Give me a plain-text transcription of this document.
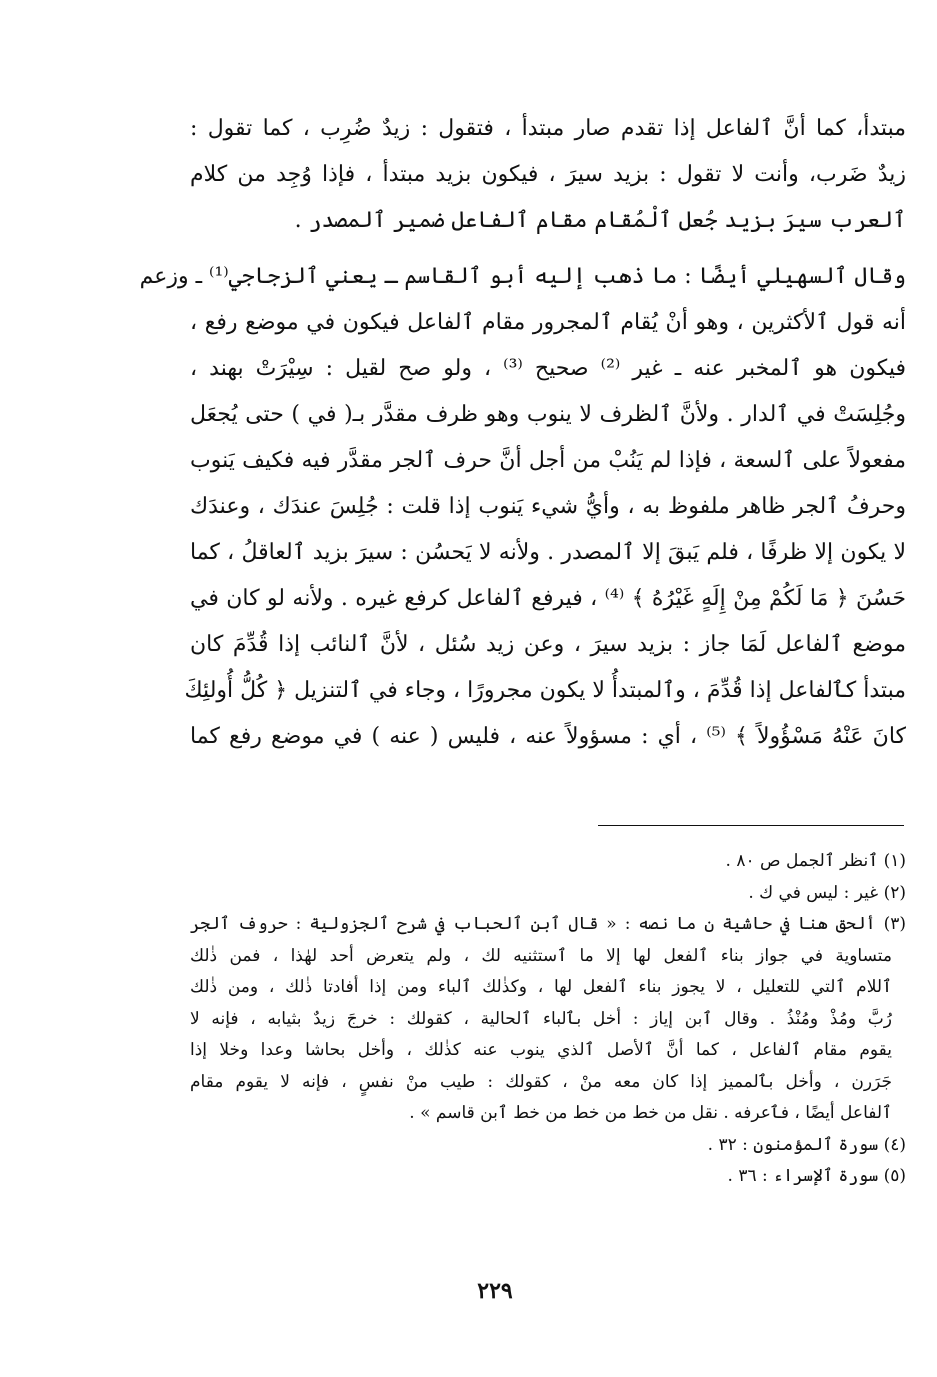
مبتدأ، كما أنَّ ٱلفاعل إذا تقدم صار مبتدأ ، فتقول : زيدٌ ضُرِب ، كما تقول :
زيدٌ ضَرب، وأنت لا تقول : بزيد سيرَ ، فيكون بزيد مبتدأ ، فإذا وُجِد من كلام
ٱلعرب سيرَ بزيد جُعل ٱلْمُقام مقام ٱلفاعل ضمير ٱلمصدر .
وقال ٱلسهيلي أيضًا : ما ذهب إليه أبو ٱلقاسم ـ يعني ٱلزجاجي⁽¹⁾ ـ وزعم
أنه قول ٱلأكثرين ، وهو أنْ يُقام ٱلمجرور مقام ٱلفاعل فيكون في موضع رفع ،
فيكون هو ٱلمخبر عنه ـ غير ⁽²⁾ صحيح ⁽³⁾ ، ولو صح لقيل : سِيْرَتْ بهند ،
وجُلِسَتْ في ٱلدار . ولأنَّ ٱلظرف لا ينوب وهو ظرف مقدَّر بـ( في ) حتى يُجعَل
مفعولاً على ٱلسعة ، فإذا لم يَنُبْ من أجل أنَّ حرف ٱلجر مقدَّر فيه فكيف يَنوب
وحرفُ ٱلجر ظاهر ملفوظ به ، وأيُّ شيء يَنوب إذا قلت : جُلِسَ عندَك ، وعندَك
لا يكون إلا ظرفًا ، فلم يَبقَ إلا ٱلمصدر . ولأنه لا يَحسُن : سيرَ بزيد ٱلعاقلُ ، كما
حَسُنَ ﴿ مَا لَكُمْ مِنْ إِلَهٍ غَيْرُهُ ﴾ ⁽⁴⁾ ، فيرفع ٱلفاعل كرفع غيره . ولأنه لو كان في
موضع ٱلفاعل لَمَا جاز : بزيد سيرَ ، وعن زيد سُئل ، لأنَّ ٱلنائب إذا قُدِّمَ كان
مبتدأ كٱلفاعل إذا قُدِّمَ ، وٱلمبتدأُ لا يكون مجرورًا ، وجاء في ٱلتنزيل ﴿ كُلُّ أُولئِكَ
كانَ عَنْهُ مَسْؤُولاً ﴾ ⁽⁵⁾ ، أي : مسؤولاً عنه ، فليس ( عنه ) في موضع رفع كما
(١) ٱنظر ٱلجمل ص ٨٠ .
(٢) غير : ليس في ك .
(٣) ألحق هنا في حاشية ن ما نصه : « قال ٱبن ٱلحباب في شرح ٱلجزولية : حروف ٱلجر
متساوية في جواز بناء ٱلفعل لها إلا ما ٱستثنيه لك ، ولم يتعرض أحد لهٰذا ، فمن ذٰلك
ٱللام ٱلتي للتعليل ، لا يجوز بناء ٱلفعل لها ، وكذٰلك ٱلباء ومن إذا أفادتا ذٰلك ، ومن ذٰلك
رُبَّ ومُذْ ومُنْذُ . وقال ٱبن إياز : أخل بٱلباء ٱلحالية ، كقولك : خرجَ زيدٌ بثيابه ، فإنه لا
يقوم مقام ٱلفاعل ، كما أنَّ ٱلأصل ٱلذي ينوب عنه كذٰلك ، وأخل بحاشا وعدا وخلا إذا
جَرَرن ، وأخل بٱلمميز إذا كان معه منْ ، كقولك : طيب منْ نفسٍ ، فإنه لا يقوم مقام
ٱلفاعل أيضًا ، فٱعرفه . نقل من خط من خط من خط ٱبن قاسم » .
(٤) سورة ٱلمؤمنون : ٣٢ .
(٥) سورة ٱلإسراء : ٣٦ .
٢٢٩
